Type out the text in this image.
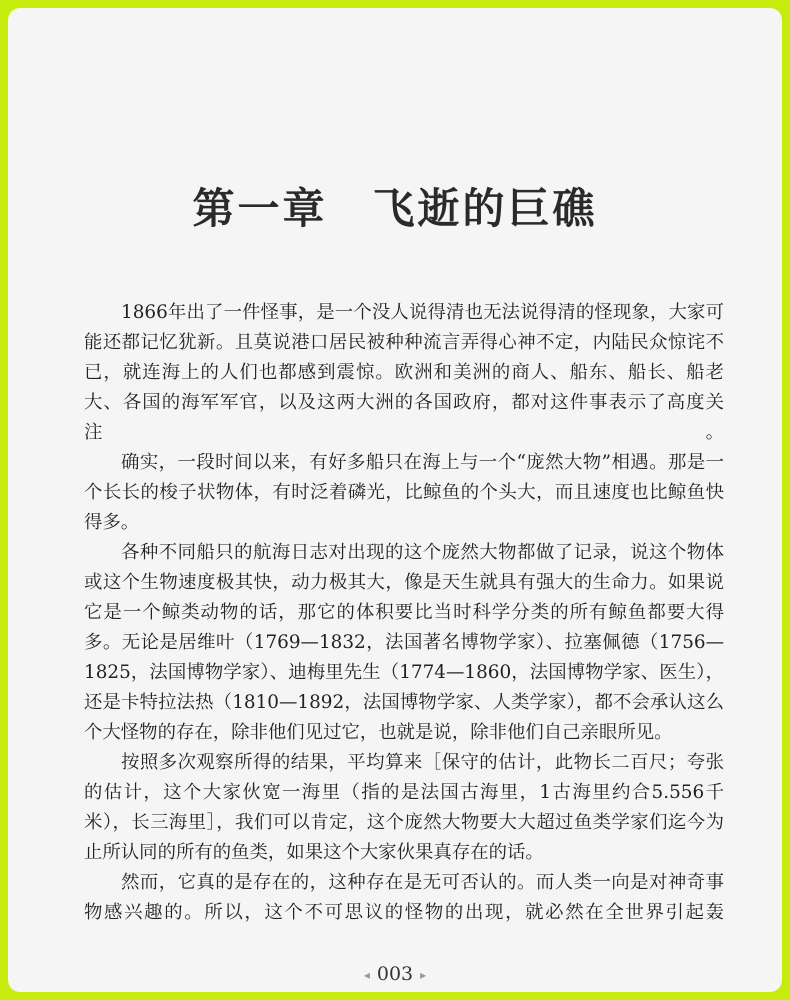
第一章　飞逝的巨礁

1866年出了一件怪事，是一个没人说得清也无法说得清的怪现象，大家可能还都记忆犹新。且莫说港口居民被种种流言弄得心神不定，内陆民众惊诧不已，就连海上的人们也都感到震惊。欧洲和美洲的商人、船东、船长、船老大、各国的海军军官，以及这两大洲的各国政府，都对这件事表示了高度关注。

确实，一段时间以来，有好多船只在海上与一个“庞然大物”相遇。那是一个长长的梭子状物体，有时泛着磷光，比鲸鱼的个头大，而且速度也比鲸鱼快得多。

各种不同船只的航海日志对出现的这个庞然大物都做了记录，说这个物体或这个生物速度极其快，动力极其大，像是天生就具有强大的生命力。如果说它是一个鲸类动物的话，那它的体积要比当时科学分类的所有鲸鱼都要大得多。无论是居维叶（1769—1832，法国著名博物学家）、拉塞佩德（1756—1825，法国博物学家）、迪梅里先生（1774—1860，法国博物学家、医生），还是卡特拉法热（1810—1892，法国博物学家、人类学家），都不会承认这么个大怪物的存在，除非他们见过它，也就是说，除非他们自己亲眼所见。

按照多次观察所得的结果，平均算来［保守的估计，此物长二百尺；夸张的估计，这个大家伙宽一海里（指的是法国古海里，1古海里约合5.556千米），长三海里］，我们可以肯定，这个庞然大物要大大超过鱼类学家们迄今为止所认同的所有的鱼类，如果这个大家伙果真存在的话。

然而，它真的是存在的，这种存在是无可否认的。而人类一向是对神奇事物感兴趣的。所以，这个不可思议的怪物的出现，就必然在全世界引起轰

◂ 003 ▸
